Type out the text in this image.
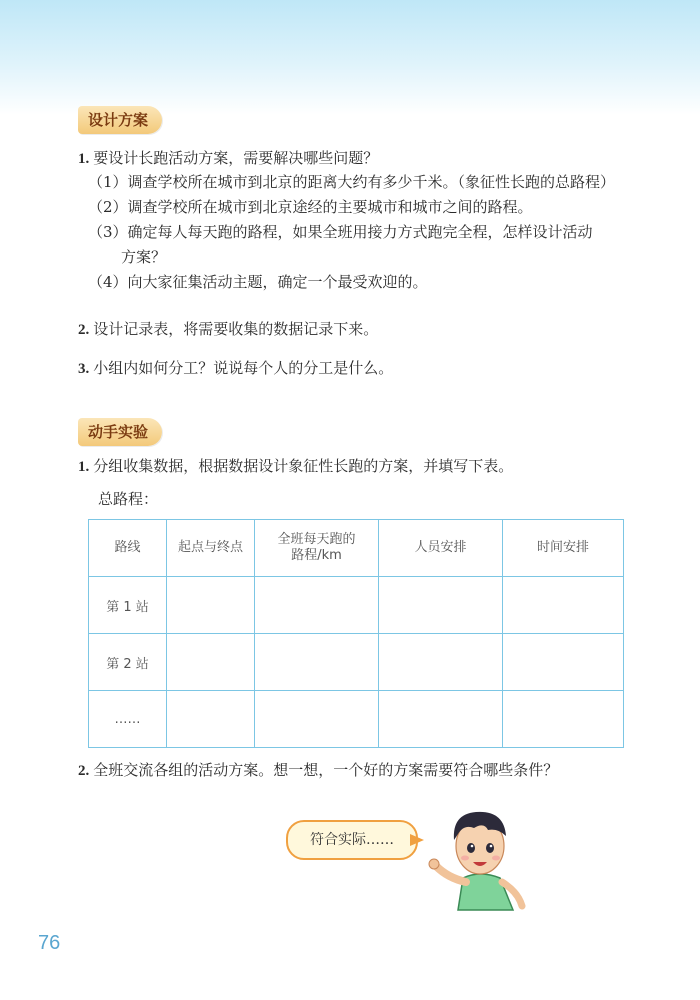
设计方案
1. 要设计长跑活动方案，需要解决哪些问题？
（1）调查学校所在城市到北京的距离大约有多少千米。（象征性长跑的总路程）
（2）调查学校所在城市到北京途经的主要城市和城市之间的路程。
（3）确定每人每天跑的路程，如果全班用接力方式跑完全程，怎样设计活动
方案？
（4）向大家征集活动主题，确定一个最受欢迎的。
2. 设计记录表，将需要收集的数据记录下来。
3. 小组内如何分工？说说每个人的分工是什么。
动手实验
1. 分组收集数据，根据数据设计象征性长跑的方案，并填写下表。
总路程：
路线	起点与终点	全班每天跑的路程/km	人员安排	时间安排
第 1 站				
第 2 站				
……				
2. 全班交流各组的活动方案。想一想，一个好的方案需要符合哪些条件？
符合实际……
76
